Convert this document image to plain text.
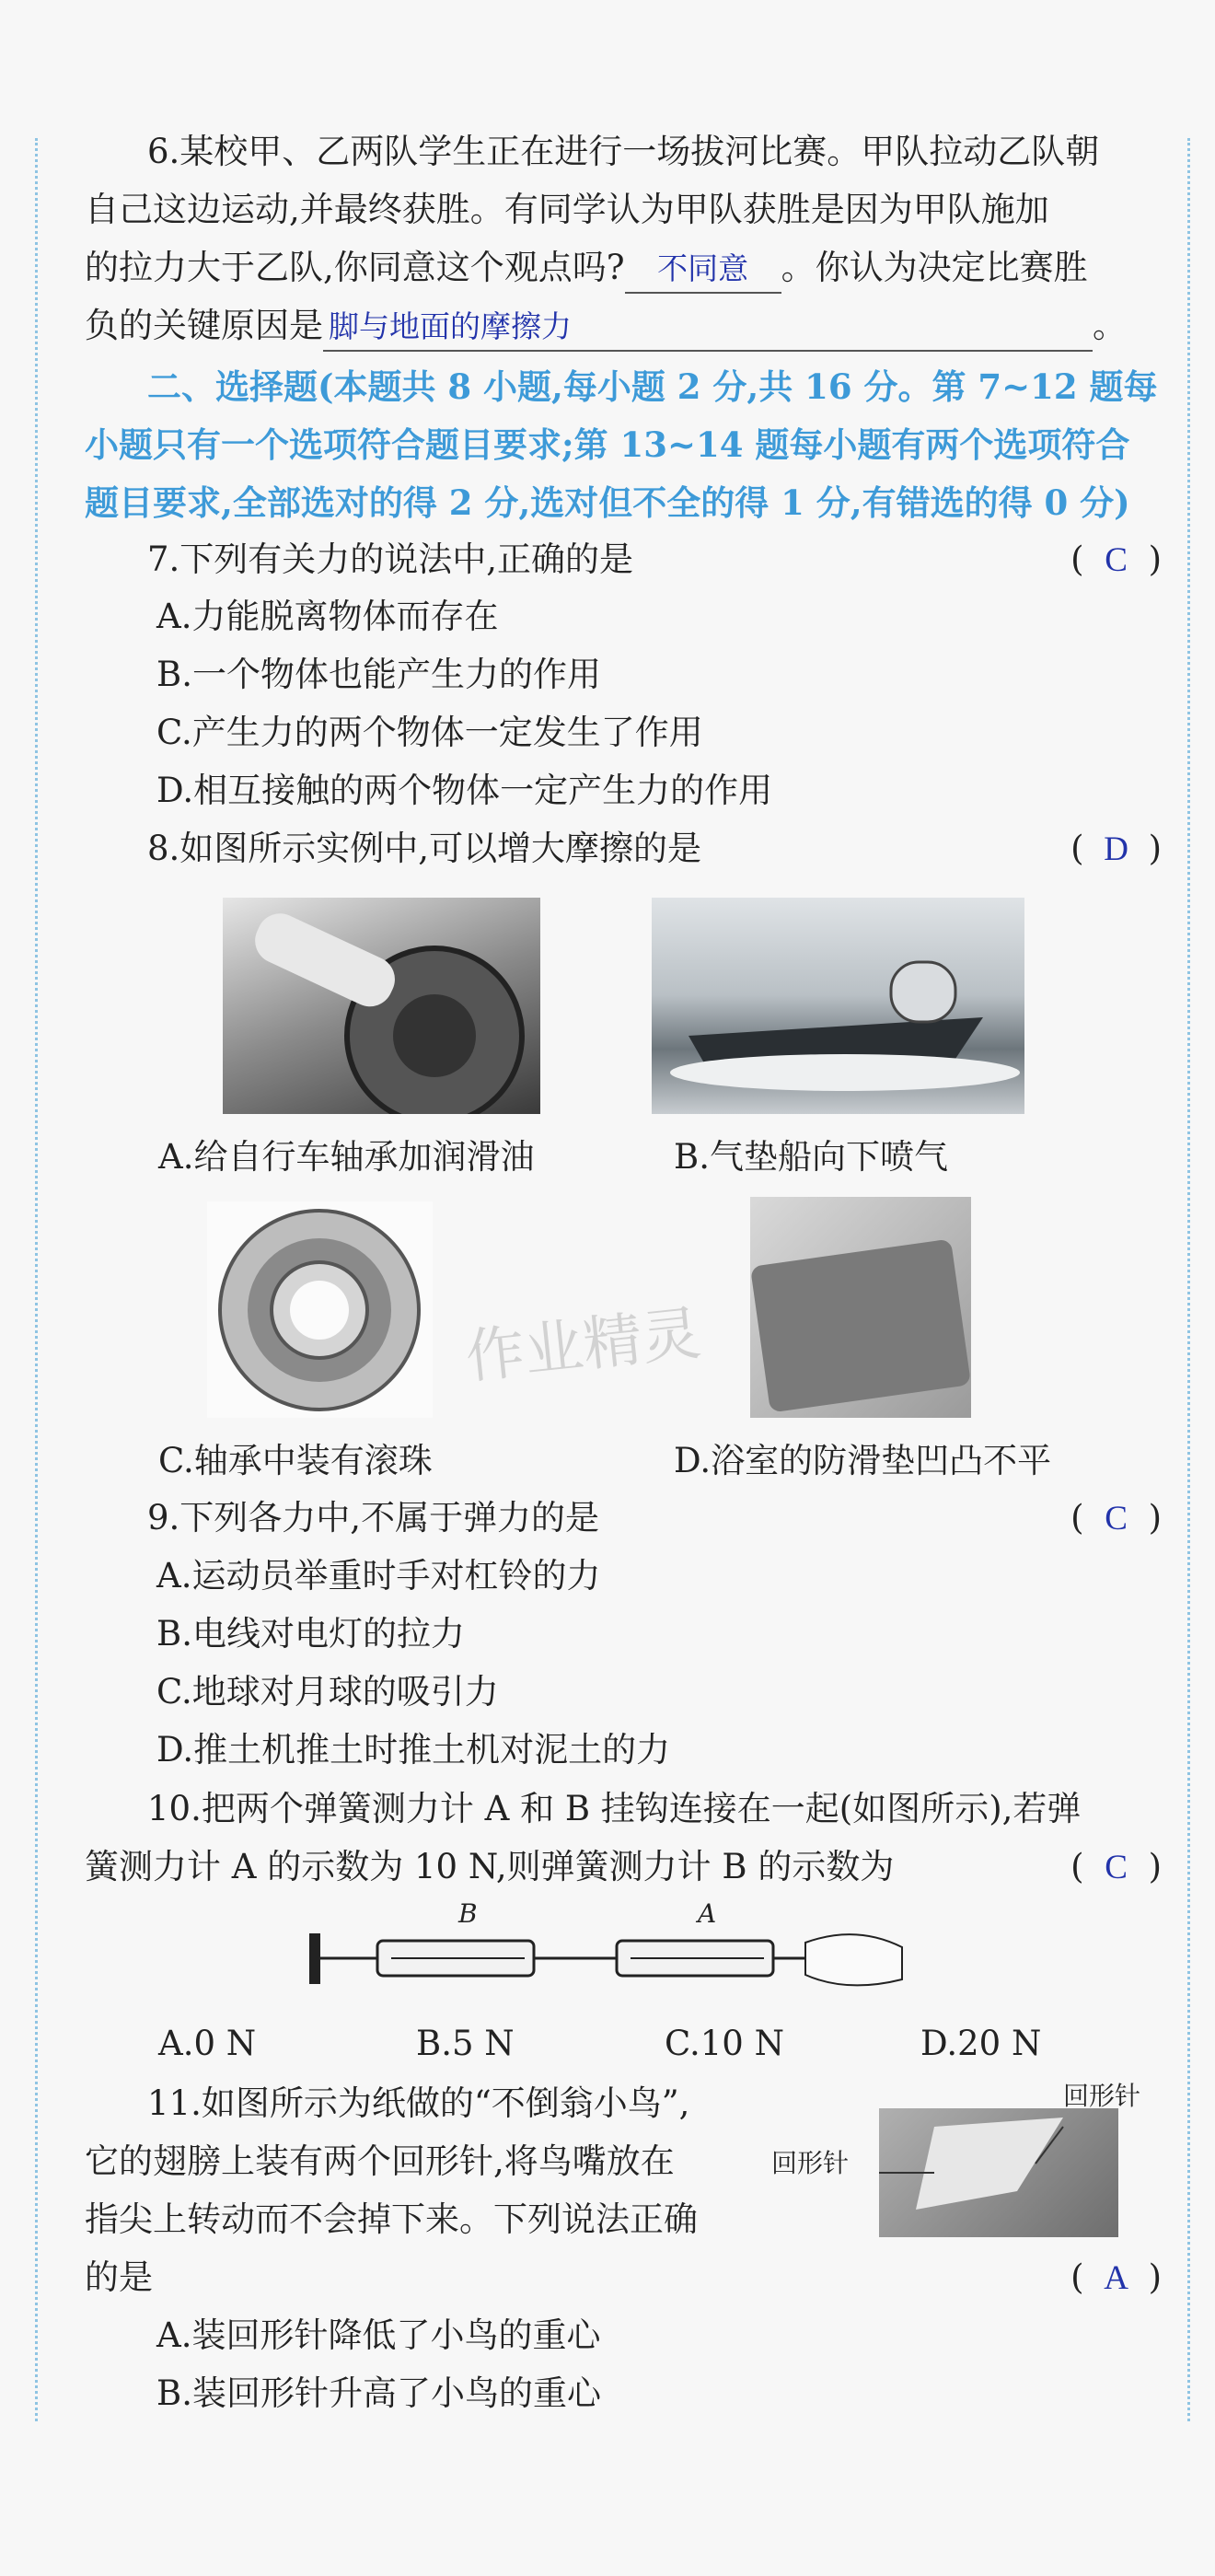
6.某校甲、乙两队学生正在进行一场拔河比赛。甲队拉动乙队朝
自己这边运动,并最终获胜。有同学认为甲队获胜是因为甲队施加
的拉力大于乙队,你同意这个观点吗? 不同意 。你认为决定比赛胜
负的关键原因是 脚与地面的摩擦力	。
二、选择题(本题共 8 小题,每小题 2 分,共 16 分。第 7~12 题每
小题只有一个选项符合题目要求;第 13~14 题每小题有两个选项符合
题目要求,全部选对的得 2 分,选对但不全的得 1 分,有错选的得 0 分)
7.下列有关力的说法中,正确的是	( C )
A.力能脱离物体而存在
B.一个物体也能产生力的作用
C.产生力的两个物体一定发生了作用
D.相互接触的两个物体一定产生力的作用
8.如图所示实例中,可以增大摩擦的是	( D )
A.给自行车轴承加润滑油	B.气垫船向下喷气
作业精灵
C.轴承中装有滚珠	D.浴室的防滑垫凹凸不平
9.下列各力中,不属于弹力的是	( C )
A.运动员举重时手对杠铃的力
B.电线对电灯的拉力
C.地球对月球的吸引力
D.推土机推土时推土机对泥土的力
10.把两个弹簧测力计 A 和 B 挂钩连接在一起(如图所示),若弹
簧测力计 A 的示数为 10 N,则弹簧测力计 B 的示数为	( C )
B	A
A.0 N	B.5 N	C.10 N	D.20 N
11.如图所示为纸做的“不倒翁小鸟”,
它的翅膀上装有两个回形针,将鸟嘴放在
指尖上转动而不会掉下来。下列说法正确
的是	( A )
回形针
回形针
A.装回形针降低了小鸟的重心
B.装回形针升高了小鸟的重心
